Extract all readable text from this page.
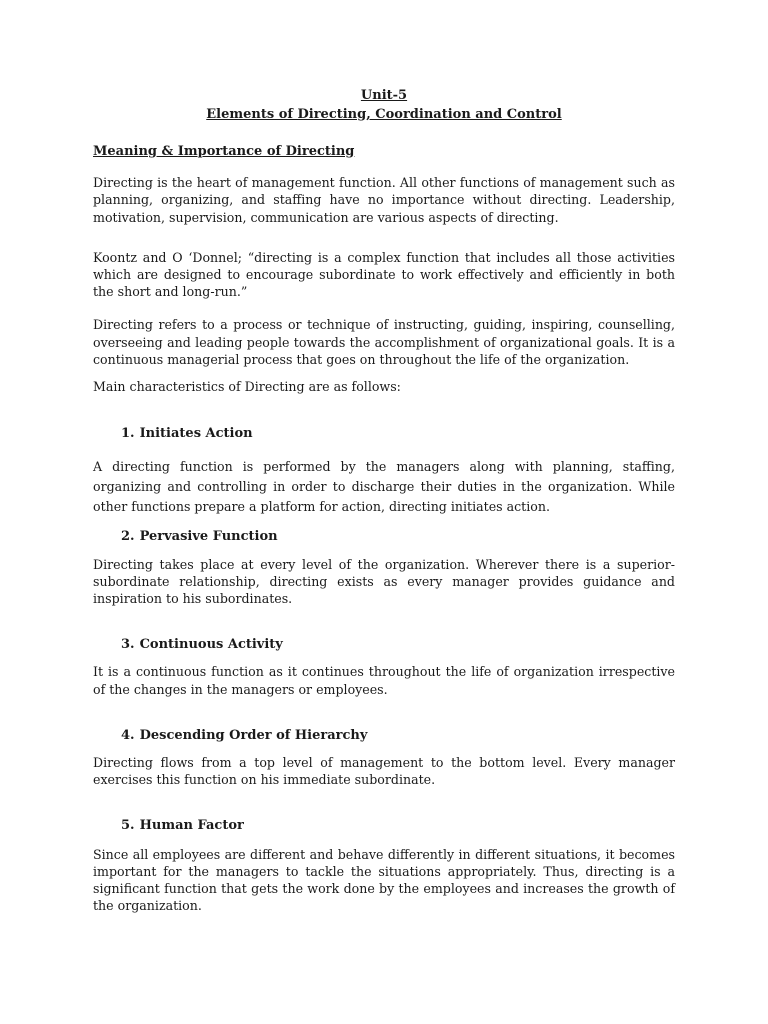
Unit-5
Elements of Directing, Coordination and Control
Meaning & Importance of Directing

Directing is the heart of management function. All other functions of management such as planning, organizing, and staffing have no importance without directing. Leadership, motivation, supervision, communication are various aspects of directing.

Koontz and O ‘Donnel; “directing is a complex function that includes all those activities which are designed to encourage subordinate to work effectively and efficiently in both the short and long-run.”

Directing refers to a process or technique of instructing, guiding, inspiring, counselling, overseeing and leading people towards the accomplishment of organizational goals. It is a continuous managerial process that goes on throughout the life of the organization.

Main characteristics of Directing are as follows:

1. Initiates Action

A directing function is performed by the managers along with planning, staffing, organizing and controlling in order to discharge their duties in the organization. While other functions prepare a platform for action, directing initiates action.

2. Pervasive Function

Directing takes place at every level of the organization. Wherever there is a superior-subordinate relationship, directing exists as every manager provides guidance and inspiration to his subordinates.

3. Continuous Activity

It is a continuous function as it continues throughout the life of organization irrespective of the changes in the managers or employees.

4. Descending Order of Hierarchy

Directing flows from a top level of management to the bottom level. Every manager exercises this function on his immediate subordinate.

5. Human Factor

Since all employees are different and behave differently in different situations, it becomes important for the managers to tackle the situations appropriately. Thus, directing is a significant function that gets the work done by the employees and increases the growth of the organization.
